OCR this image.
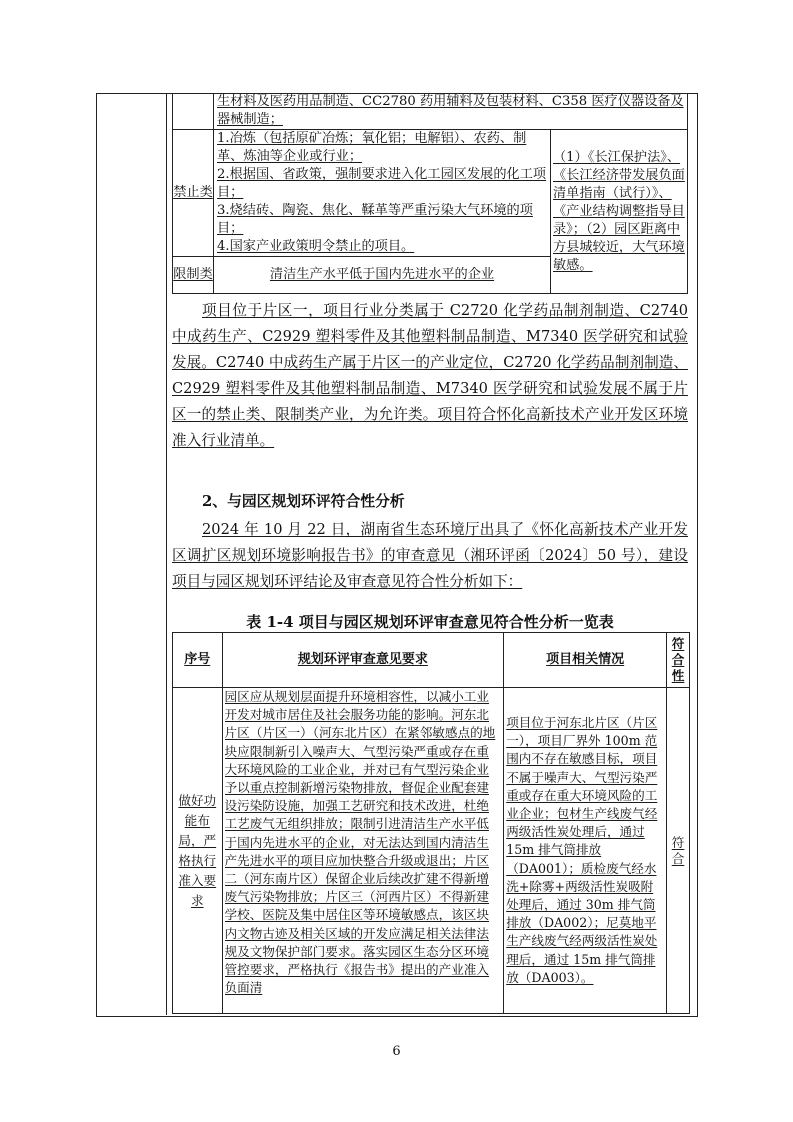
	生材料及医药用品制造、CC2780 药用辅料及包装材料、C358 医疗仪器设备及器械制造；	
禁止类	1.冶炼（包括原矿冶炼；氧化铝；电解铝）、农药、制革、炼油等企业或行业；
2.根据国、省政策，强制要求进入化工园区发展的化工项目；
3.烧结砖、陶瓷、焦化、鞣革等严重污染大气环境的项目；
4.国家产业政策明令禁止的项目。	（1）《长江保护法》、《长江经济带发展负面清单指南（试行）》、《产业结构调整指导目录》；（2）园区距离中方县城较近，大气环境敏感。
限制类	清洁生产水平低于国内先进水平的企业	

项目位于片区一，项目行业分类属于 C2720 化学药品制剂制造、C2740 中成药生产、C2929 塑料零件及其他塑料制品制造、M7340 医学研究和试验发展。C2740 中成药生产属于片区一的产业定位，C2720 化学药品制剂制造、C2929 塑料零件及其他塑料制品制造、M7340 医学研究和试验发展不属于片区一的禁止类、限制类产业，为允许类。项目符合怀化高新技术产业开发区环境准入行业清单。

2、与园区规划环评符合性分析

2024 年 10 月 22 日，湖南省生态环境厅出具了《怀化高新技术产业开发区调扩区规划环境影响报告书》的审查意见（湘环评函〔2024〕50 号），建设项目与园区规划环评结论及审查意见符合性分析如下：

表 1-4 项目与园区规划环评审查意见符合性分析一览表
序号	规划环评审查意见要求	项目相关情况	符合性
做好功能布局，严格执行准入要求	园区应从规划层面提升环境相容性，以减小工业开发对城市居住及社会服务功能的影响。河东北片区（片区一）（河东北片区）在紧邻敏感点的地块应限制新引入噪声大、气型污染严重或存在重大环境风险的工业企业，并对已有气型污染企业予以重点控制新增污染物排放，督促企业配套建设污染防设施，加强工艺研究和技术改进，杜绝工艺废气无组织排放；限制引进清洁生产水平低于国内先进水平的企业，对无法达到国内清洁生产先进水平的项目应加快整合升级或退出；片区二（河东南片区）保留企业后续改扩建不得新增废气污染物排放；片区三（河西片区）不得新建学校、医院及集中居住区等环境敏感点，该区块内文物古迹及相关区域的开发应满足相关法律法规及文物保护部门要求。落实园区生态分区环境管控要求，严格执行《报告书》提出的产业准入负面清	项目位于河东北片区（片区一），项目厂界外 100m 范围内不存在敏感目标，项目不属于噪声大、气型污染严重或存在重大环境风险的工业企业；包材生产线废气经两级活性炭处理后，通过 15m 排气筒排放（DA001）；质检废气经水洗+除雾+两级活性炭吸附处理后，通过 30m 排气筒排放（DA002）；尼莫地平生产线废气经两级活性炭处理后，通过 15m 排气筒排放（DA003）。	符合
6
